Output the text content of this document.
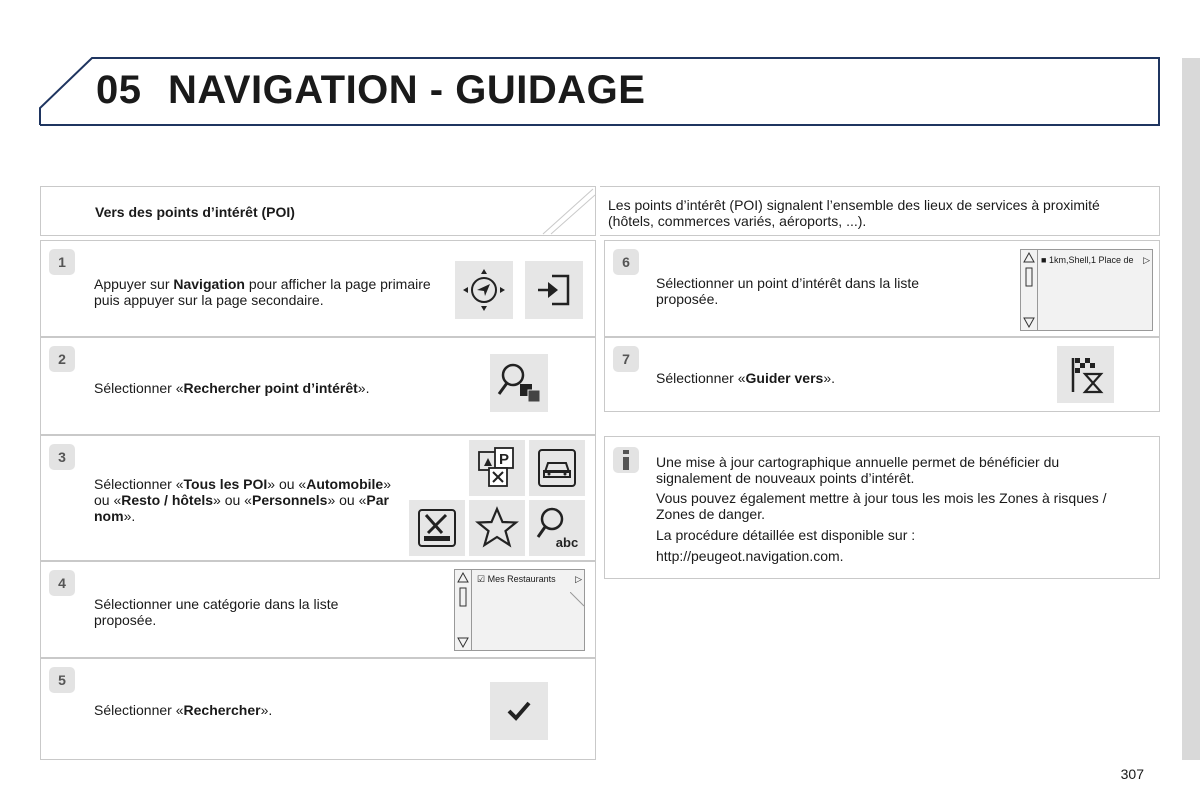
05 NAVIGATION - GUIDAGE
Vers des points d’intérêt (POI)	Les points d’intérêt (POI) signalent l’ensemble des lieux de services à proximité (hôtels, commerces variés, aéroports, ...).
1
Appuyer sur Navigation pour afficher la page primaire puis appuyer sur la page secondaire.
2
Sélectionner «Rechercher point d’intérêt».
3
Sélectionner «Tous les POI» ou «Automobile» ou «Resto / hôtels» ou «Personnels» ou «Par nom».
P
abc
4
Sélectionner une catégorie dans la liste proposée.
☑ Mes Restaurants ▷
5
Sélectionner «Rechercher».
6
Sélectionner un point d’intérêt dans la liste proposée.
■ 1km,Shell,1 Place de ▷
7
Sélectionner «Guider vers».
Une mise à jour cartographique annuelle permet de bénéficier du signalement de nouveaux points d’intérêt.
Vous pouvez également mettre à jour tous les mois les Zones à risques / Zones de danger.
La procédure détaillée est disponible sur :
http://peugeot.navigation.com.
307
